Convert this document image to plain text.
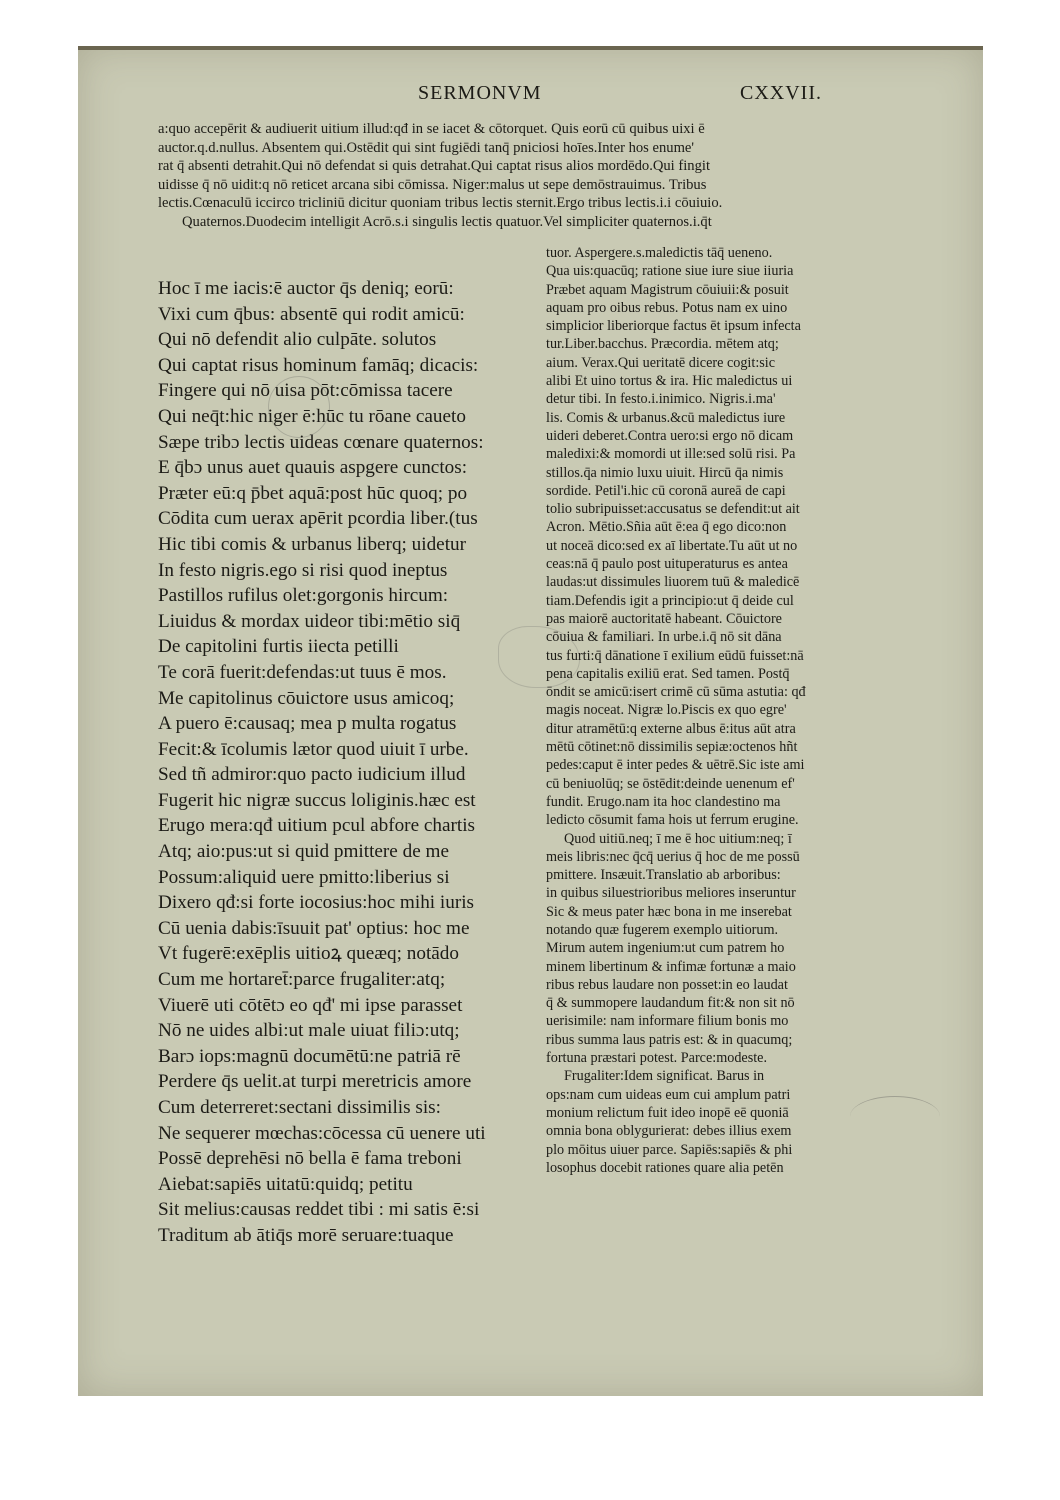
SERMONVM	CXXVII.

a:quo accepērit & audiuerit uitium illud:qđ in se iacet & cōtorquet. Quis eorū cū quibus uixi ē

auctor.q.d.nullus. Absentem qui.Ostēdit qui sint fugiēdi tanq̄ pniciosi hoīes.Inter hos enume'

rat q̄ absenti detrahit.Qui nō defendat si quis detrahat.Qui captat risus alios mordēdo.Qui fingit

uidisse q̄ nō uidit:q nō reticet arcana sibi cōmissa. Niger:malus ut sepe demōstrauimus. Tribus

lectis.Cœnaculū iccirco tricliniū dicitur quoniam tribus lectis sternit.Ergo tribus lectis.i.i cōuiuio.

Quaternos.Duodecim intelligit Acrō.s.i singulis lectis quatuor.Vel simpliciter quaternos.i.q̄t

Hoc ī me iacis:ē auctor q̄s deniq; eorū:

Vixi cum q̄bus: absentē qui rodit amicū:

Qui nō defendit alio culpāte. solutos

Qui captat risus hominum famāq; dicacis:

Fingere qui nō uisa pōt:cōmissa tacere

Qui neq̄t:hic niger ē:hūc tu rōane caueto

Sæpe tribɔ lectis uideas cœnare quaternos:

E q̄bɔ unus auet quauis aspgere cunctos:

Præter eū:q p̄bet aquā:post hūc quoq; po

Cōdita cum uerax apērit pcordia liber.(tus

Hic tibi comis & urbanus liberq; uidetur

In festo nigris.ego si risi quod ineptus

Pastillos rufilus olet:gorgonis hircum:

Liuidus & mordax uideor tibi:mētio siq̄

De capitolini furtis iiecta petilli

Te corā fuerit:defendas:ut tuus ē mos.

Me capitolinus cōuictore usus amicoq;

A puero ē:causaq; mea p multa rogatus

Fecit:& īcolumis lætor quod uiuit ī urbe.

Sed tñ admiror:quo pacto iudicium illud

Fugerit hic nigræ succus loliginis.hæc est

Erugo mera:qđ uitium pcul abfore chartis

Atq; aio:pus:ut si quid pmittere de me

Possum:aliquid uere pmitto:liberius si

Dixero qđ:si forte iocosius:hoc mihi iuris

Cū uenia dabis:īsuuit pat' optius: hoc me

Vt fugerē:exēplis uitioꝝ queæq; notādo

Cum me hortaret̄:parce frugaliter:atq;

Viuerē uti cōtētɔ eo qđ' mi ipse parasset

Nō ne uides albi:ut male uiuat filiɔ:utq;

Barɔ iops:magnū documētū:ne patriā rē

Perdere q̄s uelit.at turpi meretricis amore

Cum deterreret:sectani dissimilis sis:

Ne sequerer mœchas:cōcessa cū uenere uti

Possē deprehēsi nō bella ē fama treboni

Aiebat:sapiēs uitatū:quidq; petitu

Sit melius:causas reddet tibi : mi satis ē:si

Traditum ab ātiq̄s morē seruare:tuaque

tuor. Aspergere.s.maledictis tāq̄ ueneno.

Qua uis:quacūq; ratione siue iure siue iiuria

Præbet aquam Magistrum cōuiuii:& posuit

aquam pro oibus rebus. Potus nam ex uino

simplicior liberiorque factus ēt ipsum infecta

tur.Liber.bacchus. Præcordia. mētem atq;

aium. Verax.Qui ueritatē dicere cogit:sic

alibi Et uino tortus & ira. Hic maledictus ui

detur tibi. In festo.i.inimico. Nigris.i.ma'

lis. Comis & urbanus.&cū maledictus iure

uideri deberet.Contra uero:si ergo nō dicam

maledixi:& momordi ut ille:sed solū risi. Pa

stillos.q̄a nimio luxu uiuit. Hircū q̄a nimis

sordide. Petil'i.hic cū coronā aureā de capi

tolio subripuisset:accusatus se defendit:ut ait

Acron. Mētio.Sñia aūt ē:ea q̄ ego dico:non

ut noceā dico:sed ex aī libertate.Tu aūt ut no

ceas:nā q̄ paulo post uituperaturus es antea

laudas:ut dissimules liuorem tuū & maledicē

tiam.Defendis igit a principio:ut q̄ deide cul

pas maiorē auctoritatē habeant. Cōuictore

cōuiua & familiari. In urbe.i.q̄ nō sit dāna

tus furti:q̄ dānatione ī exilium eūdū fuisset:nā

pena capitalis exiliū erat. Sed tamen. Postq̄

ōndit se amicū:isert crimē cū sūma astutia: qđ

magis noceat. Nigræ lo.Piscis ex quo egre'

ditur atramētū:q externe albus ē:itus aūt atra

mētū cōtinet:nō dissimilis sepiæ:octenos hñt

pedes:caput ē inter pedes & uētrē.Sic iste ami

cū beniuolūq; se ōstēdit:deinde uenenum ef'

fundit. Erugo.nam ita hoc clandestino ma

ledicto cōsumit fama hois ut ferrum erugine.

Quod uitiū.neq; ī me ē hoc uitium:neq; ī

meis libris:nec q̄cq̄ uerius q̄ hoc de me possū

pmittere. Insæuit.Translatio ab arboribus:

in quibus siluestrioribus meliores inseruntur

Sic & meus pater hæc bona in me inserebat

notando quæ fugerem exemplo uitiorum.

Mirum autem ingenium:ut cum patrem ho

minem libertinum & infimæ fortunæ a maio

ribus rebus laudare non posset:in eo laudat

q̄ & summopere laudandum fit:& non sit nō

uerisimile: nam informare filium bonis mo

ribus summa laus patris est: & in quacumq;

fortuna præstari potest. Parce:modeste.

Frugaliter:Idem significat. Barus in

ops:nam cum uideas eum cui amplum patri

monium relictum fuit ideo inopē eē quoniā

omnia bona oblygurierat: debes illius exem

plo mōitus uiuer parce. Sapiēs:sapiēs & phi

losophus docebit rationes quare alia petēn
